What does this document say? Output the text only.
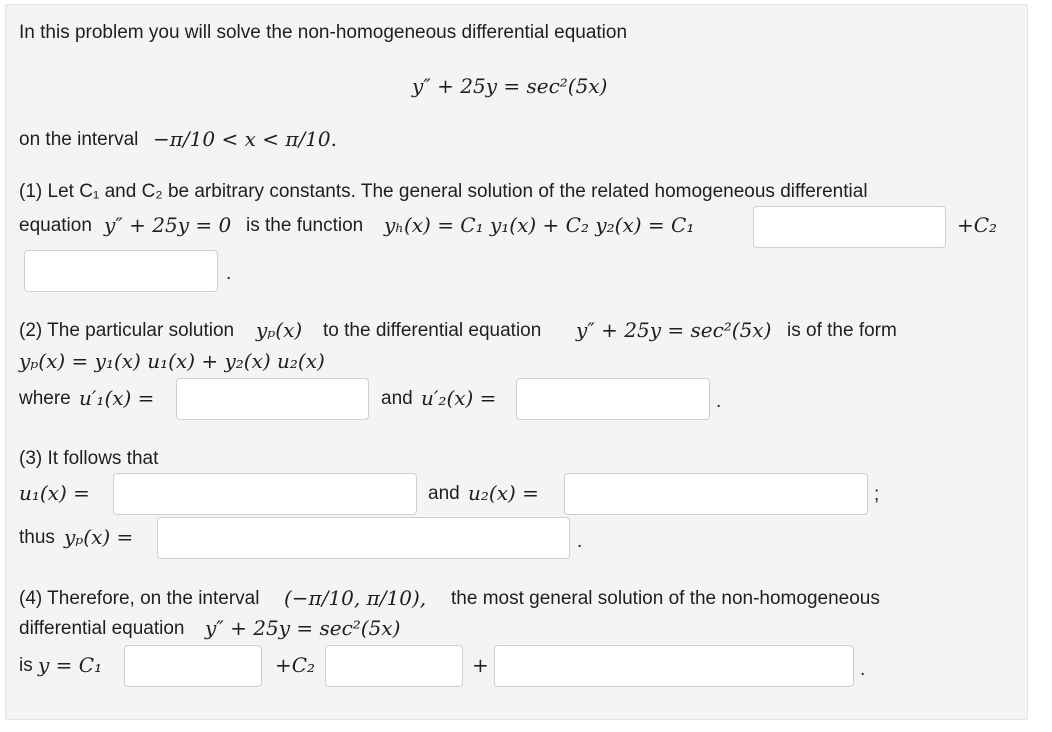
In this problem you will solve the non-homogeneous differential equation
y″ + 25y = sec²(5x)
on the interval −π/10 < x < π/10.
(1) Let C₁ and C₂ be arbitrary constants. The general solution of the related homogeneous differential
equation y″ + 25y = 0 is the function yₕ(x) = C₁ y₁(x) + C₂ y₂(x) = C₁	+C₂
.
(2) The particular solution yₚ(x) to the differential equation y″ + 25y = sec²(5x) is of the form
yₚ(x) = y₁(x) u₁(x) + y₂(x) u₂(x)
where u′₁(x) =	and u′₂(x) =	.
(3) It follows that
u₁(x) =	and u₂(x) =	;
thus yₚ(x) =	.
(4) Therefore, on the interval (−π/10, π/10), the most general solution of the non-homogeneous
differential equation y″ + 25y = sec²(5x)
is y = C₁	+C₂	+	.
